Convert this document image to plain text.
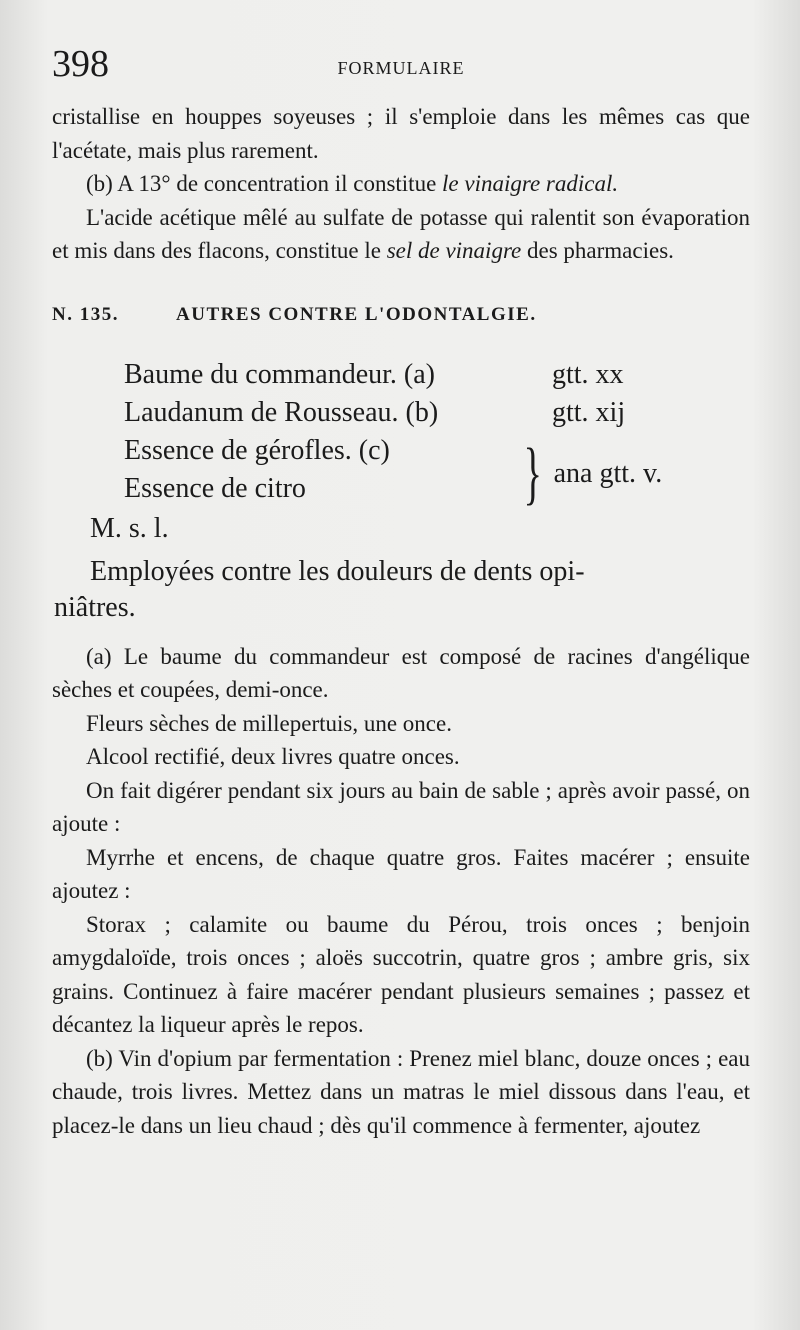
398	FORMULAIRE

cristallise en houppes soyeuses ; il s'emploie dans les mêmes cas que l'acétate, mais plus rarement.

(b) A 13° de concentration il constitue le vinaigre radical.

L'acide acétique mêlé au sulfate de potasse qui ralentit son évaporation et mis dans des flacons, constitue le sel de vinaigre des pharmacies.

N. 135.	AUTRES CONTRE L'ODONTALGIE.
Baume du commandeur. (a)	gtt. xx
Laudanum de Rousseau. (b)	gtt. xij
Essence de gérofles. (c)
Essence de citro	} ana gtt. v.
M. s. l.
Employées contre les douleurs de dents opi-
niâtres.

(a) Le baume du commandeur est composé de racines d'angélique sèches et coupées, demi-once.

Fleurs sèches de millepertuis, une once.

Alcool rectifié, deux livres quatre onces.

On fait digérer pendant six jours au bain de sable ; après avoir passé, on ajoute :

Myrrhe et encens, de chaque quatre gros. Faites macérer ; ensuite ajoutez :

Storax ; calamite ou baume du Pérou, trois onces ; benjoin amygdaloïde, trois onces ; aloës succotrin, quatre gros ; ambre gris, six grains. Continuez à faire macérer pendant plusieurs semaines ; passez et décantez la liqueur après le repos.

(b) Vin d'opium par fermentation : Prenez miel blanc, douze onces ; eau chaude, trois livres. Mettez dans un matras le miel dissous dans l'eau, et placez-le dans un lieu chaud ; dès qu'il commence à fermenter, ajoutez
